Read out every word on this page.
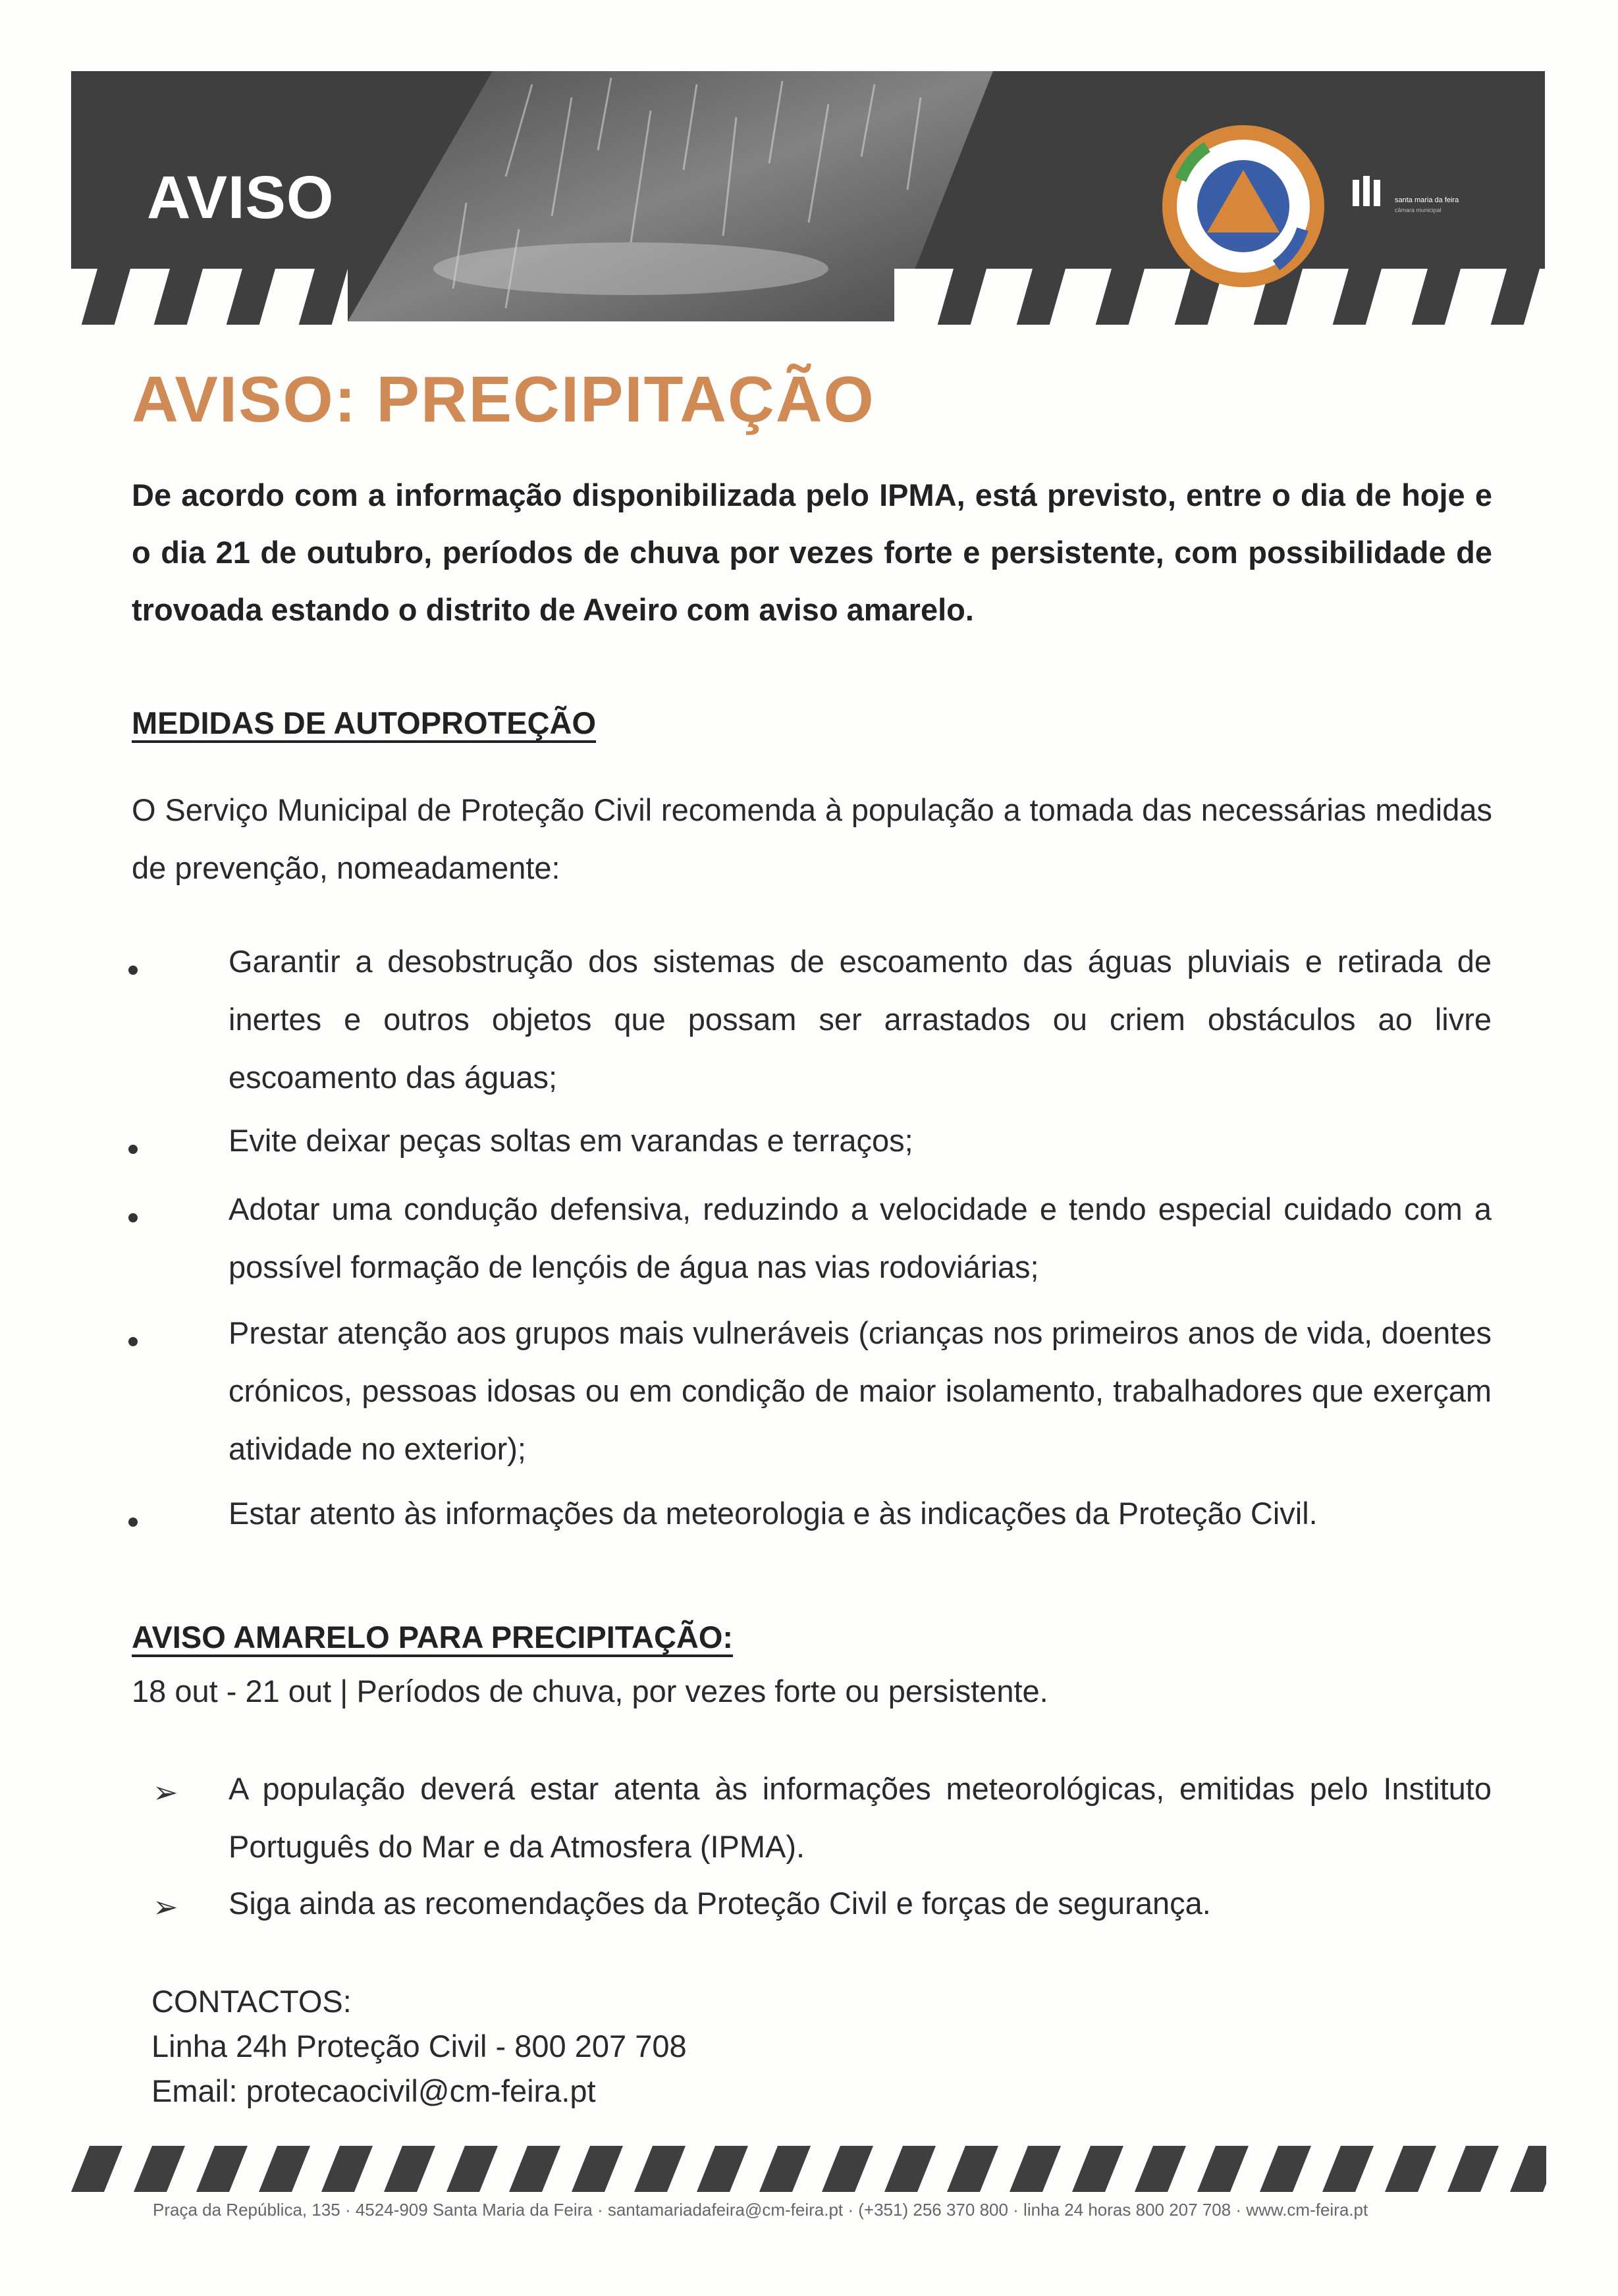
AVISO	santa maria da feira
câmara municipal
AVISO: PRECIPITAÇÃO
De acordo com a informação disponibilizada pelo IPMA, está previsto, entre o dia de hoje e o dia 21 de outubro, períodos de chuva por vezes forte e persistente, com possibilidade de trovoada estando o distrito de Aveiro com aviso amarelo.
MEDIDAS DE AUTOPROTEÇÃO
O Serviço Municipal de Proteção Civil recomenda à população a tomada das necessárias medidas de prevenção, nomeadamente:
Garantir a desobstrução dos sistemas de escoamento das águas pluviais e retirada de inertes e outros objetos que possam ser arrastados ou criem obstáculos ao livre escoamento das águas;
Evite deixar peças soltas em varandas e terraços;
Adotar uma condução defensiva, reduzindo a velocidade e tendo especial cuidado com a possível formação de lençóis de água nas vias rodoviárias;
Prestar atenção aos grupos mais vulneráveis (crianças nos primeiros anos de vida, doentes crónicos, pessoas idosas ou em condição de maior isolamento, trabalhadores que exerçam atividade no exterior);
Estar atento às informações da meteorologia e às indicações da Proteção Civil.
AVISO AMARELO PARA PRECIPITAÇÃO:
18 out - 21 out | Períodos de chuva, por vezes forte ou persistente.
➢ A população deverá estar atenta às informações meteorológicas, emitidas pelo Instituto Português do Mar e da Atmosfera (IPMA).
➢ Siga ainda as recomendações da Proteção Civil e forças de segurança.
CONTACTOS:
Linha 24h Proteção Civil - 800 207 708
Email: protecaocivil@cm-feira.pt
Praça da República, 135 · 4524-909 Santa Maria da Feira · santamariadafeira@cm-feira.pt · (+351) 256 370 800 · linha 24 horas 800 207 708 · www.cm-feira.pt
